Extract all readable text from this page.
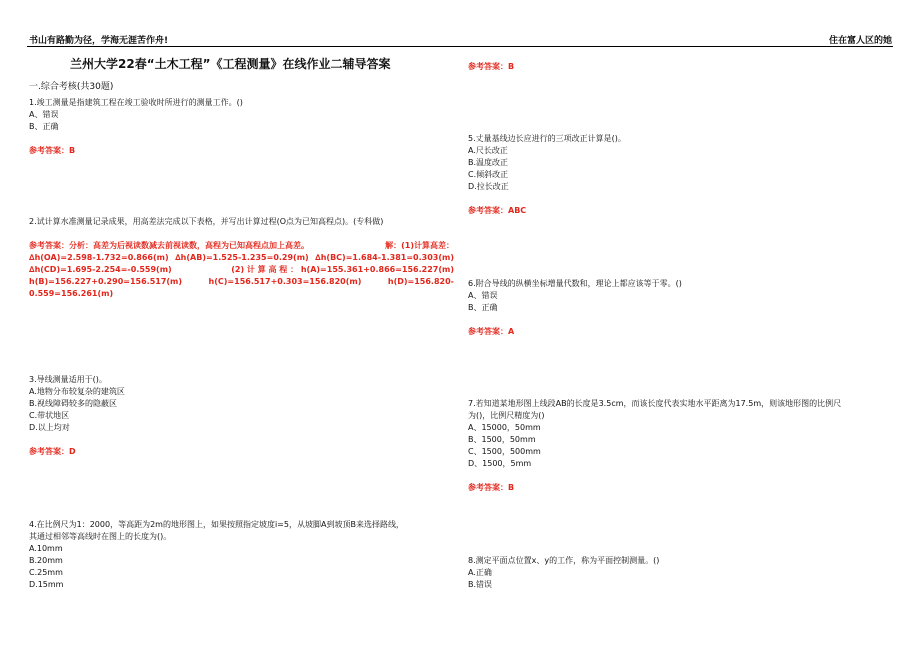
书山有路勤为径，学海无涯苦作舟!	住在富人区的她
兰州大学22春“土木工程”《工程测量》在线作业二辅导答案
一.综合考核(共30题)

1.竣工测量是指建筑工程在竣工验收时所进行的测量工作。()

A、错误

B、正确

参考答案：B

2.试计算水准测量记录成果，用高差法完成以下表格，并写出计算过程(O点为已知高程点)。(专科做)

参考答案：分析：高差为后视读数减去前视读数，高程为已知高程点加上高差。	解：(1)计算高差：
∆h(OA)=2.598-1.732=0.866(m) ∆h(AB)=1.525-1.235=0.29(m) ∆h(BC)=1.684-1.381=0.303(m)
∆h(CD)=1.695-2.254=-0.559(m)	(2) 计 算 高 程 ： h(A)=155.361+0.866=156.227(m)
h(B)=156.227+0.290=156.517(m)	h(C)=156.517+0.303=156.820(m)	h(D)=156.820-
0.559=156.261(m)

3.导线测量适用于()。

A.地物分布较复杂的建筑区

B.视线障碍较多的隐蔽区

C.带状地区

D.以上均对

参考答案：D

4.在比例尺为1：2000，等高距为2m的地形图上，如果按照指定坡度i=5，从坡脚A到坡顶B来选择路线，

其通过相邻等高线时在图上的长度为()。

A.10mm

B.20mm

C.25mm

D.15mm

参考答案：B

5.丈量基线边长应进行的三项改正计算是()。

A.尺长改正

B.温度改正

C.倾斜改正

D.拉长改正

参考答案：ABC

6.附合导线的纵横坐标增量代数和，理论上都应该等于零。()

A、错误

B、正确

参考答案：A

7.若知道某地形图上线段AB的长度是3.5cm，而该长度代表实地水平距离为17.5m，则该地形图的比例尺

为()，比例尺精度为()

A、15000，50mm

B、1500，50mm

C、1500，500mm

D、1500，5mm

参考答案：B

8.测定平面点位置x、y的工作，称为平面控制测量。()

A.正确

B.错误
